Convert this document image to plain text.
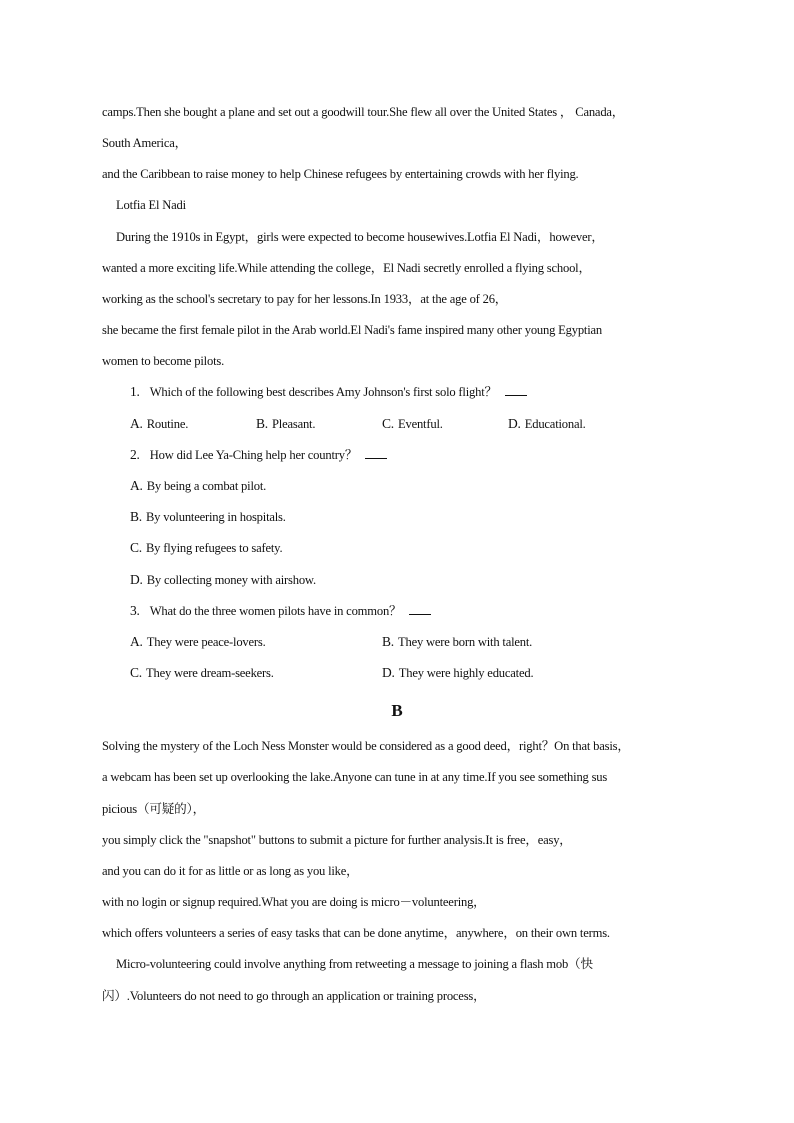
camps.Then she bought a plane and set out a goodwill tour.She flew all over the United States ， Canada，
South America，
and the Caribbean to raise money to help Chinese refugees by entertaining crowds with her flying.
Lotfia El Nadi
During the 1910s in Egypt，girls were expected to become housewives.Lotfia El Nadi，however，
wanted a more exciting life.While attending the college，El Nadi secretly enrolled a flying school，
working as the school's secretary to pay for her lessons.In 1933，at the age of 26，
she became the first female pilot in the Arab world.El Nadi's fame inspired many other young Egyptian
women to become pilots.
1. Which of the following best describes Amy Johnson's first solo flight？
A. Routine.	B. Pleasant.	C. Eventful.	D. Educational.
2. How did Lee Ya-Ching help her country？
A. By being a combat pilot.
B. By volunteering in hospitals.
C. By flying refugees to safety.
D. By collecting money with airshow.
3. What do the three women pilots have in common？
A. They were peace-lovers.	B. They were born with talent.
C. They were dream-seekers.	D. They were highly educated.
B
Solving the mystery of the Loch Ness Monster would be considered as a good deed，right？On that basis，
a webcam has been set up overlooking the lake.Anyone can tune in at any time.If you see something sus
picious（可疑的），
you simply click the "snapshot" buttons to submit a picture for further analysis.It is free，easy，
and you can do it for as little or as long as you like，
with no login or signup required.What you are doing is micro－volunteering，
which offers volunteers a series of easy tasks that can be done anytime，anywhere，on their own terms.
Micro-volunteering could involve anything from retweeting a message to joining a flash mob（快
闪）.Volunteers do not need to go through an application or training process，
